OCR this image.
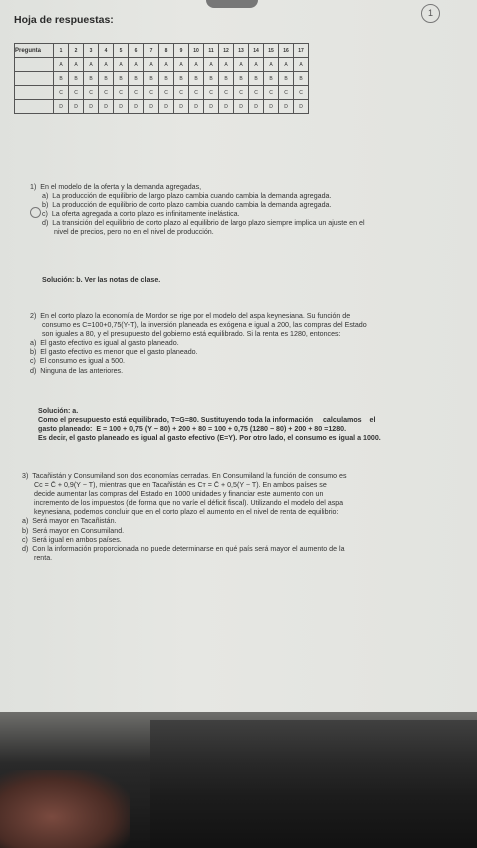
Hoja de respuestas:
1
Pregunta	1	2	3	4	5	6	7	8	9	10	11	12	13	14	15	16	17
	A	A	A	A	A	A	A	A	A	A	A	A	A	A	A	A	A
	B	B	B	B	B	B	B	B	B	B	B	B	B	B	B	B	B
	C	C	C	C	C	C	C	C	C	C	C	C	C	C	C	C	C
	D	D	D	D	D	D	D	D	D	D	D	D	D	D	D	D	D
1)  En el modelo de la oferta y la demanda agregadas,
a)  La producción de equilibrio de largo plazo cambia cuando cambia la demanda agregada.
b)  La producción de equilibrio de corto plazo cambia cuando cambia la demanda agregada.
c)  La oferta agregada a corto plazo es infinitamente inelástica.
d)  La transición del equilibrio de corto plazo al equilibrio de largo plazo siempre implica un ajuste en el
nivel de precios, pero no en el nivel de producción.
Solución: b. Ver las notas de clase.
2)  En el corto plazo la economía de Mordor se rige por el modelo del aspa keynesiana. Su función de
consumo es C=100+0,75(Y-T), la inversión planeada es exógena e igual a 200, las compras del Estado
son iguales a 80, y el presupuesto del gobierno está equilibrado. Si la renta es 1280, entonces:
a)  El gasto efectivo es igual al gasto planeado.
b)  El gasto efectivo es menor que el gasto planeado.
c)  El consumo es igual a 500.
d)  Ninguna de las anteriores.
Solución: a.
Como el presupuesto está equilibrado, T=G=80. Sustituyendo toda la información     calculamos    el
gasto planeado:  E = 100 + 0,75 (Y − 80) + 200 + 80 = 100 + 0,75 (1280 − 80) + 200 + 80 =1280.
Es decir, el gasto planeado es igual al gasto efectivo (E=Y). Por otro lado, el consumo es igual a 1000.
3)  Tacañistán y Consumiland son dos economías cerradas. En Consumiland la función de consumo es
Cᴄ = C̄ + 0,9(Y − T), mientras que en Tacañistán es Cᴛ = C̄ + 0,5(Y − T). En ambos países se
decide aumentar las compras del Estado en 1000 unidades y financiar este aumento con un
incremento de los impuestos (de forma que no varíe el déficit fiscal). Utilizando el modelo del aspa
keynesiana, podemos concluir que en el corto plazo el aumento en el nivel de renta de equilibrio:
a)  Será mayor en Tacañistán.
b)  Será mayor en Consumiland.
c)  Será igual en ambos países.
d)  Con la información proporcionada no puede determinarse en qué país será mayor el aumento de la
renta.
